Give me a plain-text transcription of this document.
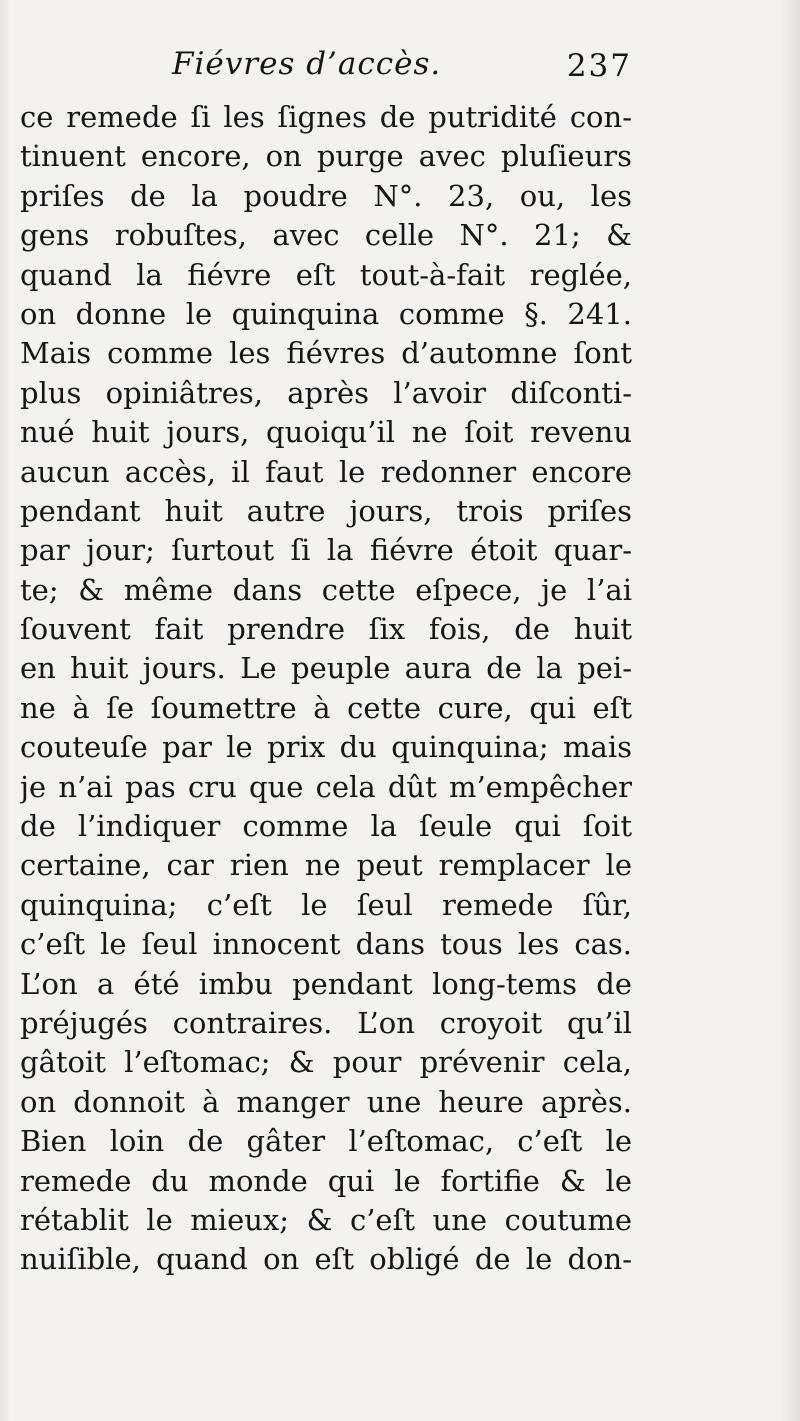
Fiévres d’accès.	237
ce remede ſi les ſignes de putridité con-
tinuent encore, on purge avec pluſieurs
priſes de la poudre N°. 23, ou, les
gens robuſtes, avec celle N°. 21; &
quand la fiévre eſt tout-à-fait reglée,
on donne le quinquina comme §. 241.
Mais comme les fiévres d’automne ſont
plus opiniâtres, après l’avoir diſconti-
nué huit jours, quoiqu’il ne ſoit revenu
aucun accès, il faut le redonner encore
pendant huit autre jours, trois priſes
par jour; ſurtout ſi la fiévre étoit quar-
te; & même dans cette eſpece, je l’ai
ſouvent fait prendre ſix fois, de huit
en huit jours. Le peuple aura de la pei-
ne à ſe ſoumettre à cette cure, qui eſt
couteuſe par le prix du quinquina; mais
je n’ai pas cru que cela dût m’empêcher
de l’indiquer comme la ſeule qui ſoit
certaine, car rien ne peut remplacer le
quinquina; c’eſt le ſeul remede ſûr,
c’eſt le ſeul innocent dans tous les cas.
L’on a été imbu pendant long-tems de
préjugés contraires. L’on croyoit qu’il
gâtoit l’eſtomac; & pour prévenir cela,
on donnoit à manger une heure après.
Bien loin de gâter l’eſtomac, c’eſt le
remede du monde qui le fortifie & le
rétablit le mieux; & c’eſt une coutume
nuiſible, quand on eſt obligé de le don-
